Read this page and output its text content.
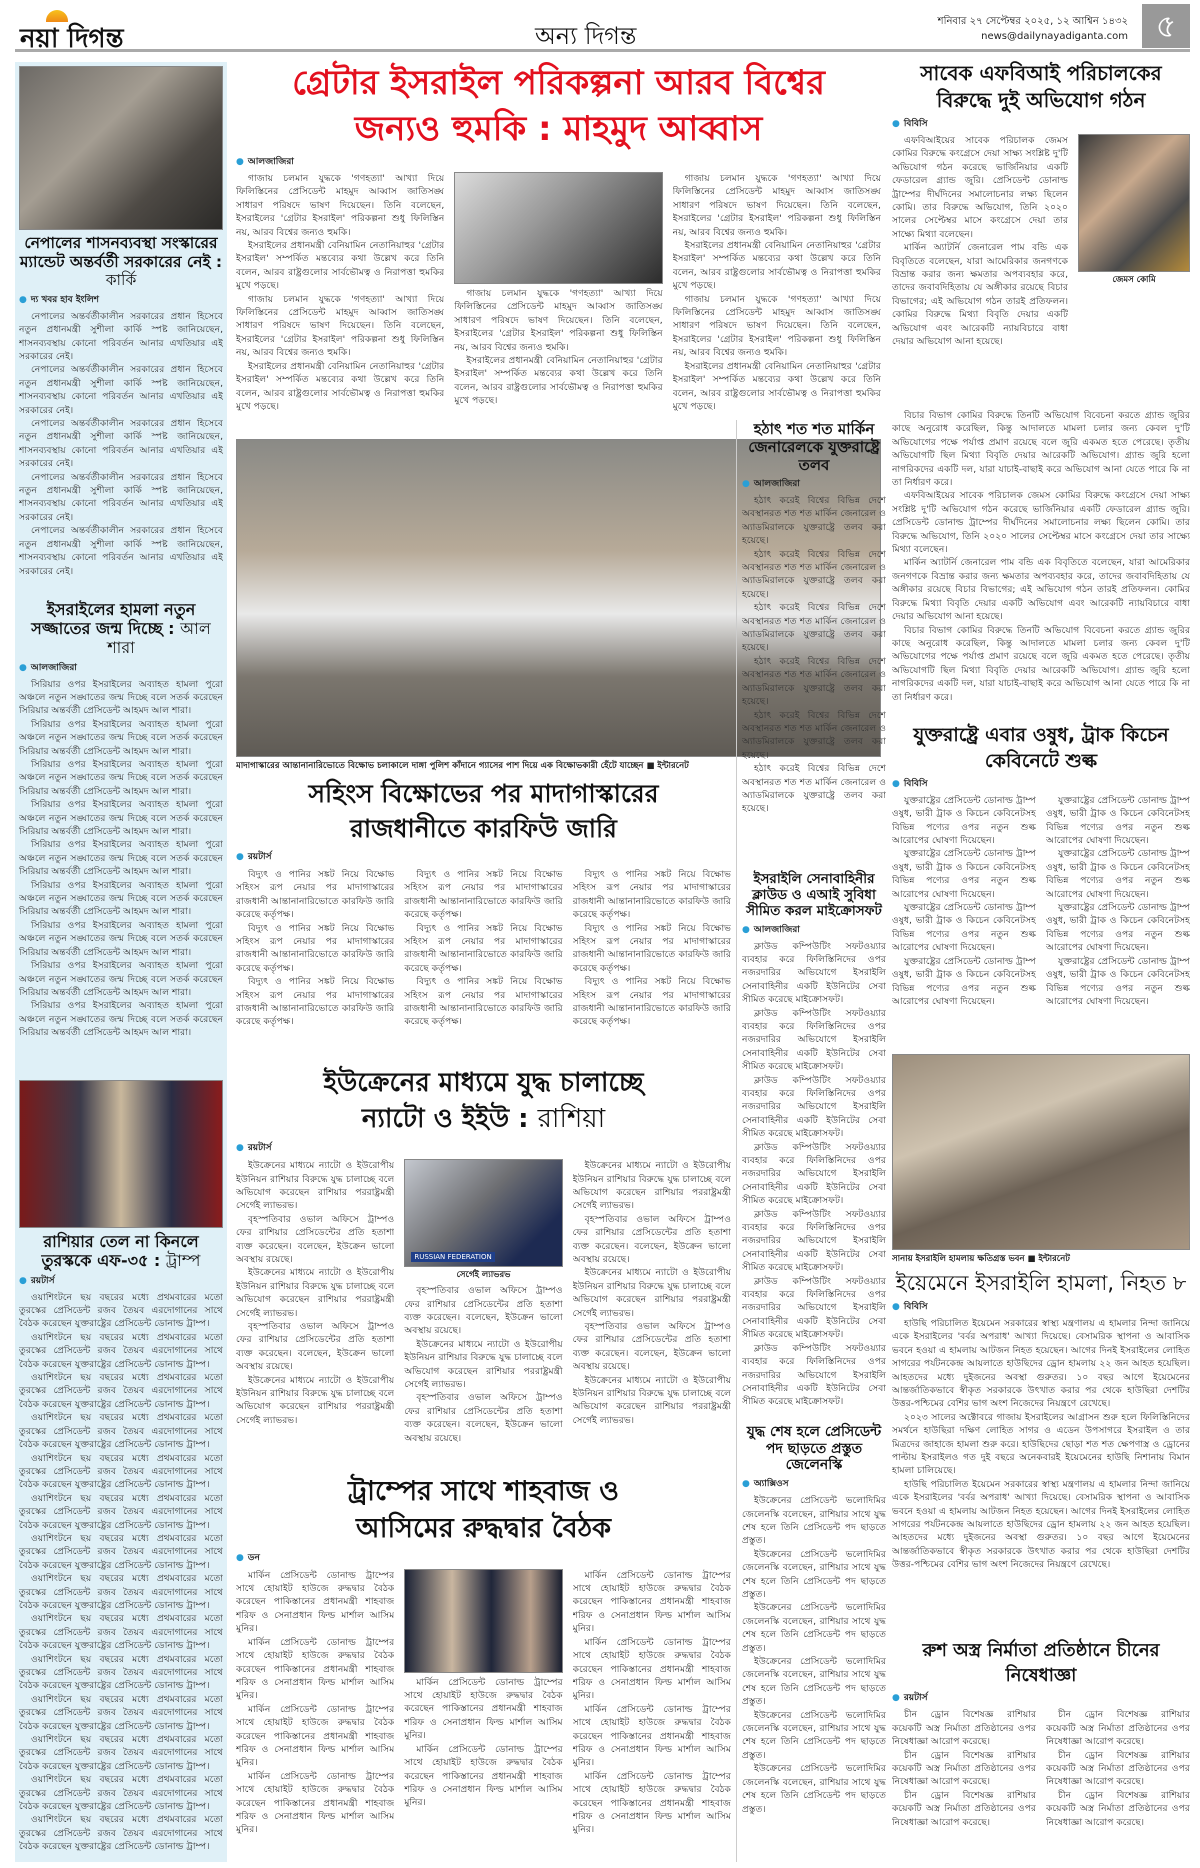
নয়া দিগন্ত	অন্য দিগন্ত
শনিবার ২৭ সেপ্টেম্বর ২০২৫, ১২ আশ্বিন ১৪৩২
news@dailynayadiganta.com ৫
নেপালের শাসনব্যবস্থা সংস্কারের ম্যান্ডেট অন্তর্বর্তী সরকারের নেই : কার্কি
● দ্য খবর হাব ইংলিশ

নেপালের অন্তর্বর্তীকালীন সরকারের প্রধান হিসেবে নতুন প্রধানমন্ত্রী সুশীলা কার্কি স্পষ্ট জানিয়েছেন, শাসনব্যবস্থায় কোনো পরিবর্তন আনার এখতিয়ার এই সরকারের নেই।

নেপালের অন্তর্বর্তীকালীন সরকারের প্রধান হিসেবে নতুন প্রধানমন্ত্রী সুশীলা কার্কি স্পষ্ট জানিয়েছেন, শাসনব্যবস্থায় কোনো পরিবর্তন আনার এখতিয়ার এই সরকারের নেই।

নেপালের অন্তর্বর্তীকালীন সরকারের প্রধান হিসেবে নতুন প্রধানমন্ত্রী সুশীলা কার্কি স্পষ্ট জানিয়েছেন, শাসনব্যবস্থায় কোনো পরিবর্তন আনার এখতিয়ার এই সরকারের নেই।

নেপালের অন্তর্বর্তীকালীন সরকারের প্রধান হিসেবে নতুন প্রধানমন্ত্রী সুশীলা কার্কি স্পষ্ট জানিয়েছেন, শাসনব্যবস্থায় কোনো পরিবর্তন আনার এখতিয়ার এই সরকারের নেই।

নেপালের অন্তর্বর্তীকালীন সরকারের প্রধান হিসেবে নতুন প্রধানমন্ত্রী সুশীলা কার্কি স্পষ্ট জানিয়েছেন, শাসনব্যবস্থায় কোনো পরিবর্তন আনার এখতিয়ার এই সরকারের নেই।

ইসরাইলের হামলা নতুন সজ্জাতের জন্ম দিচ্ছে : আল শারা
● আলজাজিরা

সিরিয়ার ওপর ইসরাইলের অব্যাহত হামলা পুরো অঞ্চলে নতুন সঙ্ঘাতের জন্ম দিচ্ছে বলে সতর্ক করেছেন সিরিয়ার অন্তর্বর্তী প্রেসিডেন্ট আহমদ আল শারা।

সিরিয়ার ওপর ইসরাইলের অব্যাহত হামলা পুরো অঞ্চলে নতুন সঙ্ঘাতের জন্ম দিচ্ছে বলে সতর্ক করেছেন সিরিয়ার অন্তর্বর্তী প্রেসিডেন্ট আহমদ আল শারা।

সিরিয়ার ওপর ইসরাইলের অব্যাহত হামলা পুরো অঞ্চলে নতুন সঙ্ঘাতের জন্ম দিচ্ছে বলে সতর্ক করেছেন সিরিয়ার অন্তর্বর্তী প্রেসিডেন্ট আহমদ আল শারা।

সিরিয়ার ওপর ইসরাইলের অব্যাহত হামলা পুরো অঞ্চলে নতুন সঙ্ঘাতের জন্ম দিচ্ছে বলে সতর্ক করেছেন সিরিয়ার অন্তর্বর্তী প্রেসিডেন্ট আহমদ আল শারা।

সিরিয়ার ওপর ইসরাইলের অব্যাহত হামলা পুরো অঞ্চলে নতুন সঙ্ঘাতের জন্ম দিচ্ছে বলে সতর্ক করেছেন সিরিয়ার অন্তর্বর্তী প্রেসিডেন্ট আহমদ আল শারা।

সিরিয়ার ওপর ইসরাইলের অব্যাহত হামলা পুরো অঞ্চলে নতুন সঙ্ঘাতের জন্ম দিচ্ছে বলে সতর্ক করেছেন সিরিয়ার অন্তর্বর্তী প্রেসিডেন্ট আহমদ আল শারা।

সিরিয়ার ওপর ইসরাইলের অব্যাহত হামলা পুরো অঞ্চলে নতুন সঙ্ঘাতের জন্ম দিচ্ছে বলে সতর্ক করেছেন সিরিয়ার অন্তর্বর্তী প্রেসিডেন্ট আহমদ আল শারা।

সিরিয়ার ওপর ইসরাইলের অব্যাহত হামলা পুরো অঞ্চলে নতুন সঙ্ঘাতের জন্ম দিচ্ছে বলে সতর্ক করেছেন সিরিয়ার অন্তর্বর্তী প্রেসিডেন্ট আহমদ আল শারা।

সিরিয়ার ওপর ইসরাইলের অব্যাহত হামলা পুরো অঞ্চলে নতুন সঙ্ঘাতের জন্ম দিচ্ছে বলে সতর্ক করেছেন সিরিয়ার অন্তর্বর্তী প্রেসিডেন্ট আহমদ আল শারা।

রাশিয়ার তেল না কিনলে তুরস্ককে এফ-৩৫ : ট্রাম্প
● রয়টার্স

ওয়াশিংটনে ছয় বছরের মধ্যে প্রথমবারের মতো তুরস্কের প্রেসিডেন্ট রজব তৈয়ব এরদোগানের সাথে বৈঠক করেছেন যুক্তরাষ্ট্রের প্রেসিডেন্ট ডোনাল্ড ট্রাম্প।

ওয়াশিংটনে ছয় বছরের মধ্যে প্রথমবারের মতো তুরস্কের প্রেসিডেন্ট রজব তৈয়ব এরদোগানের সাথে বৈঠক করেছেন যুক্তরাষ্ট্রের প্রেসিডেন্ট ডোনাল্ড ট্রাম্প।

ওয়াশিংটনে ছয় বছরের মধ্যে প্রথমবারের মতো তুরস্কের প্রেসিডেন্ট রজব তৈয়ব এরদোগানের সাথে বৈঠক করেছেন যুক্তরাষ্ট্রের প্রেসিডেন্ট ডোনাল্ড ট্রাম্প।

ওয়াশিংটনে ছয় বছরের মধ্যে প্রথমবারের মতো তুরস্কের প্রেসিডেন্ট রজব তৈয়ব এরদোগানের সাথে বৈঠক করেছেন যুক্তরাষ্ট্রের প্রেসিডেন্ট ডোনাল্ড ট্রাম্প।

ওয়াশিংটনে ছয় বছরের মধ্যে প্রথমবারের মতো তুরস্কের প্রেসিডেন্ট রজব তৈয়ব এরদোগানের সাথে বৈঠক করেছেন যুক্তরাষ্ট্রের প্রেসিডেন্ট ডোনাল্ড ট্রাম্প।

ওয়াশিংটনে ছয় বছরের মধ্যে প্রথমবারের মতো তুরস্কের প্রেসিডেন্ট রজব তৈয়ব এরদোগানের সাথে বৈঠক করেছেন যুক্তরাষ্ট্রের প্রেসিডেন্ট ডোনাল্ড ট্রাম্প।

ওয়াশিংটনে ছয় বছরের মধ্যে প্রথমবারের মতো তুরস্কের প্রেসিডেন্ট রজব তৈয়ব এরদোগানের সাথে বৈঠক করেছেন যুক্তরাষ্ট্রের প্রেসিডেন্ট ডোনাল্ড ট্রাম্প।

ওয়াশিংটনে ছয় বছরের মধ্যে প্রথমবারের মতো তুরস্কের প্রেসিডেন্ট রজব তৈয়ব এরদোগানের সাথে বৈঠক করেছেন যুক্তরাষ্ট্রের প্রেসিডেন্ট ডোনাল্ড ট্রাম্প।

ওয়াশিংটনে ছয় বছরের মধ্যে প্রথমবারের মতো তুরস্কের প্রেসিডেন্ট রজব তৈয়ব এরদোগানের সাথে বৈঠক করেছেন যুক্তরাষ্ট্রের প্রেসিডেন্ট ডোনাল্ড ট্রাম্প।

ওয়াশিংটনে ছয় বছরের মধ্যে প্রথমবারের মতো তুরস্কের প্রেসিডেন্ট রজব তৈয়ব এরদোগানের সাথে বৈঠক করেছেন যুক্তরাষ্ট্রের প্রেসিডেন্ট ডোনাল্ড ট্রাম্প।

ওয়াশিংটনে ছয় বছরের মধ্যে প্রথমবারের মতো তুরস্কের প্রেসিডেন্ট রজব তৈয়ব এরদোগানের সাথে বৈঠক করেছেন যুক্তরাষ্ট্রের প্রেসিডেন্ট ডোনাল্ড ট্রাম্প।

ওয়াশিংটনে ছয় বছরের মধ্যে প্রথমবারের মতো তুরস্কের প্রেসিডেন্ট রজব তৈয়ব এরদোগানের সাথে বৈঠক করেছেন যুক্তরাষ্ট্রের প্রেসিডেন্ট ডোনাল্ড ট্রাম্প।

ওয়াশিংটনে ছয় বছরের মধ্যে প্রথমবারের মতো তুরস্কের প্রেসিডেন্ট রজব তৈয়ব এরদোগানের সাথে বৈঠক করেছেন যুক্তরাষ্ট্রের প্রেসিডেন্ট ডোনাল্ড ট্রাম্প।

ওয়াশিংটনে ছয় বছরের মধ্যে প্রথমবারের মতো তুরস্কের প্রেসিডেন্ট রজব তৈয়ব এরদোগানের সাথে বৈঠক করেছেন যুক্তরাষ্ট্রের প্রেসিডেন্ট ডোনাল্ড ট্রাম্প।

গ্রেটার ইসরাইল পরিকল্পনা আরব বিশ্বের
জন্যও হুমকি : মাহমুদ আব্বাস
● আলজাজিরা

গাজায় চলমান যুদ্ধকে 'গণহত্যা' আখ্যা দিয়ে ফিলিস্তিনের প্রেসিডেন্ট মাহমুদ আব্বাস জাতিসঙ্ঘ সাধারণ পরিষদে ভাষণ দিয়েছেন। তিনি বলেছেন, ইসরাইলের 'গ্রেটার ইসরাইল' পরিকল্পনা শুধু ফিলিস্তিন নয়, আরব বিশ্বের জন্যও হুমকি।

ইসরাইলের প্রধানমন্ত্রী বেনিয়ামিন নেতানিয়াহুর 'গ্রেটার ইসরাইল' সম্পর্কিত মন্তব্যের কথা উল্লেখ করে তিনি বলেন, আরব রাষ্ট্রগুলোর সার্বভৌমত্ব ও নিরাপত্তা হুমকির মুখে পড়ছে।

গাজায় চলমান যুদ্ধকে 'গণহত্যা' আখ্যা দিয়ে ফিলিস্তিনের প্রেসিডেন্ট মাহমুদ আব্বাস জাতিসঙ্ঘ সাধারণ পরিষদে ভাষণ দিয়েছেন। তিনি বলেছেন, ইসরাইলের 'গ্রেটার ইসরাইল' পরিকল্পনা শুধু ফিলিস্তিন নয়, আরব বিশ্বের জন্যও হুমকি।

ইসরাইলের প্রধানমন্ত্রী বেনিয়ামিন নেতানিয়াহুর 'গ্রেটার ইসরাইল' সম্পর্কিত মন্তব্যের কথা উল্লেখ করে তিনি বলেন, আরব রাষ্ট্রগুলোর সার্বভৌমত্ব ও নিরাপত্তা হুমকির মুখে পড়ছে।

গাজায় চলমান যুদ্ধকে 'গণহত্যা' আখ্যা দিয়ে ফিলিস্তিনের প্রেসিডেন্ট মাহমুদ আব্বাস জাতিসঙ্ঘ সাধারণ পরিষদে ভাষণ দিয়েছেন। তিনি বলেছেন, ইসরাইলের 'গ্রেটার ইসরাইল' পরিকল্পনা শুধু ফিলিস্তিন নয়, আরব বিশ্বের জন্যও হুমকি।

ইসরাইলের প্রধানমন্ত্রী বেনিয়ামিন নেতানিয়াহুর 'গ্রেটার ইসরাইল' সম্পর্কিত মন্তব্যের কথা উল্লেখ করে তিনি বলেন, আরব রাষ্ট্রগুলোর সার্বভৌমত্ব ও নিরাপত্তা হুমকির মুখে পড়ছে।

গাজায় চলমান যুদ্ধকে 'গণহত্যা' আখ্যা দিয়ে ফিলিস্তিনের প্রেসিডেন্ট মাহমুদ আব্বাস জাতিসঙ্ঘ সাধারণ পরিষদে ভাষণ দিয়েছেন। তিনি বলেছেন, ইসরাইলের 'গ্রেটার ইসরাইল' পরিকল্পনা শুধু ফিলিস্তিন নয়, আরব বিশ্বের জন্যও হুমকি।

ইসরাইলের প্রধানমন্ত্রী বেনিয়ামিন নেতানিয়াহুর 'গ্রেটার ইসরাইল' সম্পর্কিত মন্তব্যের কথা উল্লেখ করে তিনি বলেন, আরব রাষ্ট্রগুলোর সার্বভৌমত্ব ও নিরাপত্তা হুমকির মুখে পড়ছে।

গাজায় চলমান যুদ্ধকে 'গণহত্যা' আখ্যা দিয়ে ফিলিস্তিনের প্রেসিডেন্ট মাহমুদ আব্বাস জাতিসঙ্ঘ সাধারণ পরিষদে ভাষণ দিয়েছেন। তিনি বলেছেন, ইসরাইলের 'গ্রেটার ইসরাইল' পরিকল্পনা শুধু ফিলিস্তিন নয়, আরব বিশ্বের জন্যও হুমকি।

ইসরাইলের প্রধানমন্ত্রী বেনিয়ামিন নেতানিয়াহুর 'গ্রেটার ইসরাইল' সম্পর্কিত মন্তব্যের কথা উল্লেখ করে তিনি বলেন, আরব রাষ্ট্রগুলোর সার্বভৌমত্ব ও নিরাপত্তা হুমকির মুখে পড়ছে।

মাদাগাস্কারের আন্তানানারিভোতে বিক্ষোভ চলাকালে দাঙ্গা পুলিশ কাঁদানে গ্যাসের পাশ দিয়ে এক বিক্ষোভকারী হেঁটে যাচ্ছেন ■ ইন্টারনেট
সহিংস বিক্ষোভের পর মাদাগাস্কারের
রাজধানীতে কারফিউ জারি
● রয়টার্স

বিদ্যুৎ ও পানির সঙ্কট নিয়ে বিক্ষোভ সহিংস রূপ নেয়ার পর মাদাগাস্কারের রাজধানী আন্তানানারিভোতে কারফিউ জারি করেছে কর্তৃপক্ষ।

বিদ্যুৎ ও পানির সঙ্কট নিয়ে বিক্ষোভ সহিংস রূপ নেয়ার পর মাদাগাস্কারের রাজধানী আন্তানানারিভোতে কারফিউ জারি করেছে কর্তৃপক্ষ।

বিদ্যুৎ ও পানির সঙ্কট নিয়ে বিক্ষোভ সহিংস রূপ নেয়ার পর মাদাগাস্কারের রাজধানী আন্তানানারিভোতে কারফিউ জারি করেছে কর্তৃপক্ষ।

বিদ্যুৎ ও পানির সঙ্কট নিয়ে বিক্ষোভ সহিংস রূপ নেয়ার পর মাদাগাস্কারের রাজধানী আন্তানানারিভোতে কারফিউ জারি করেছে কর্তৃপক্ষ।

বিদ্যুৎ ও পানির সঙ্কট নিয়ে বিক্ষোভ সহিংস রূপ নেয়ার পর মাদাগাস্কারের রাজধানী আন্তানানারিভোতে কারফিউ জারি করেছে কর্তৃপক্ষ।

বিদ্যুৎ ও পানির সঙ্কট নিয়ে বিক্ষোভ সহিংস রূপ নেয়ার পর মাদাগাস্কারের রাজধানী আন্তানানারিভোতে কারফিউ জারি করেছে কর্তৃপক্ষ।

বিদ্যুৎ ও পানির সঙ্কট নিয়ে বিক্ষোভ সহিংস রূপ নেয়ার পর মাদাগাস্কারের রাজধানী আন্তানানারিভোতে কারফিউ জারি করেছে কর্তৃপক্ষ।

বিদ্যুৎ ও পানির সঙ্কট নিয়ে বিক্ষোভ সহিংস রূপ নেয়ার পর মাদাগাস্কারের রাজধানী আন্তানানারিভোতে কারফিউ জারি করেছে কর্তৃপক্ষ।

বিদ্যুৎ ও পানির সঙ্কট নিয়ে বিক্ষোভ সহিংস রূপ নেয়ার পর মাদাগাস্কারের রাজধানী আন্তানানারিভোতে কারফিউ জারি করেছে কর্তৃপক্ষ।

ইউক্রেনের মাধ্যমে যুদ্ধ চালাচ্ছে
ন্যাটো ও ইইউ : রাশিয়া
● রয়টার্স

ইউক্রেনের মাধ্যমে ন্যাটো ও ইউরোপীয় ইউনিয়ন রাশিয়ার বিরুদ্ধে যুদ্ধ চালাচ্ছে বলে অভিযোগ করেছেন রাশিয়ার পররাষ্ট্রমন্ত্রী সের্গেই ল্যাভরভ।

বৃহস্পতিবার ওভাল অফিসে ট্রাম্পও ফের রাশিয়ার প্রেসিডেন্টের প্রতি হতাশা ব্যক্ত করেছেন। বলেছেন, ইউক্রেন ভালো অবস্থায় রয়েছে।

ইউক্রেনের মাধ্যমে ন্যাটো ও ইউরোপীয় ইউনিয়ন রাশিয়ার বিরুদ্ধে যুদ্ধ চালাচ্ছে বলে অভিযোগ করেছেন রাশিয়ার পররাষ্ট্রমন্ত্রী সের্গেই ল্যাভরভ।

বৃহস্পতিবার ওভাল অফিসে ট্রাম্পও ফের রাশিয়ার প্রেসিডেন্টের প্রতি হতাশা ব্যক্ত করেছেন। বলেছেন, ইউক্রেন ভালো অবস্থায় রয়েছে।

ইউক্রেনের মাধ্যমে ন্যাটো ও ইউরোপীয় ইউনিয়ন রাশিয়ার বিরুদ্ধে যুদ্ধ চালাচ্ছে বলে অভিযোগ করেছেন রাশিয়ার পররাষ্ট্রমন্ত্রী সের্গেই ল্যাভরভ।

RUSSIAN FEDERATION
সের্গেই ল্যাভরভ

বৃহস্পতিবার ওভাল অফিসে ট্রাম্পও ফের রাশিয়ার প্রেসিডেন্টের প্রতি হতাশা ব্যক্ত করেছেন। বলেছেন, ইউক্রেন ভালো অবস্থায় রয়েছে।

ইউক্রেনের মাধ্যমে ন্যাটো ও ইউরোপীয় ইউনিয়ন রাশিয়ার বিরুদ্ধে যুদ্ধ চালাচ্ছে বলে অভিযোগ করেছেন রাশিয়ার পররাষ্ট্রমন্ত্রী সের্গেই ল্যাভরভ।

বৃহস্পতিবার ওভাল অফিসে ট্রাম্পও ফের রাশিয়ার প্রেসিডেন্টের প্রতি হতাশা ব্যক্ত করেছেন। বলেছেন, ইউক্রেন ভালো অবস্থায় রয়েছে।

ইউক্রেনের মাধ্যমে ন্যাটো ও ইউরোপীয় ইউনিয়ন রাশিয়ার বিরুদ্ধে যুদ্ধ চালাচ্ছে বলে অভিযোগ করেছেন রাশিয়ার পররাষ্ট্রমন্ত্রী সের্গেই ল্যাভরভ।

বৃহস্পতিবার ওভাল অফিসে ট্রাম্পও ফের রাশিয়ার প্রেসিডেন্টের প্রতি হতাশা ব্যক্ত করেছেন। বলেছেন, ইউক্রেন ভালো অবস্থায় রয়েছে।

ইউক্রেনের মাধ্যমে ন্যাটো ও ইউরোপীয় ইউনিয়ন রাশিয়ার বিরুদ্ধে যুদ্ধ চালাচ্ছে বলে অভিযোগ করেছেন রাশিয়ার পররাষ্ট্রমন্ত্রী সের্গেই ল্যাভরভ।

বৃহস্পতিবার ওভাল অফিসে ট্রাম্পও ফের রাশিয়ার প্রেসিডেন্টের প্রতি হতাশা ব্যক্ত করেছেন। বলেছেন, ইউক্রেন ভালো অবস্থায় রয়েছে।

ইউক্রেনের মাধ্যমে ন্যাটো ও ইউরোপীয় ইউনিয়ন রাশিয়ার বিরুদ্ধে যুদ্ধ চালাচ্ছে বলে অভিযোগ করেছেন রাশিয়ার পররাষ্ট্রমন্ত্রী সের্গেই ল্যাভরভ।

ট্রাম্পের সাথে শাহবাজ ও
আসিমের রুদ্ধদ্বার বৈঠক
● ডন

মার্কিন প্রেসিডেন্ট ডোনাল্ড ট্রাম্পের সাথে হোয়াইট হাউজে রুদ্ধদ্বার বৈঠক করেছেন পাকিস্তানের প্রধানমন্ত্রী শাহবাজ শরিফ ও সেনাপ্রধান ফিল্ড মার্শাল আসিম মুনির।

মার্কিন প্রেসিডেন্ট ডোনাল্ড ট্রাম্পের সাথে হোয়াইট হাউজে রুদ্ধদ্বার বৈঠক করেছেন পাকিস্তানের প্রধানমন্ত্রী শাহবাজ শরিফ ও সেনাপ্রধান ফিল্ড মার্শাল আসিম মুনির।

মার্কিন প্রেসিডেন্ট ডোনাল্ড ট্রাম্পের সাথে হোয়াইট হাউজে রুদ্ধদ্বার বৈঠক করেছেন পাকিস্তানের প্রধানমন্ত্রী শাহবাজ শরিফ ও সেনাপ্রধান ফিল্ড মার্শাল আসিম মুনির।

মার্কিন প্রেসিডেন্ট ডোনাল্ড ট্রাম্পের সাথে হোয়াইট হাউজে রুদ্ধদ্বার বৈঠক করেছেন পাকিস্তানের প্রধানমন্ত্রী শাহবাজ শরিফ ও সেনাপ্রধান ফিল্ড মার্শাল আসিম মুনির।

মার্কিন প্রেসিডেন্ট ডোনাল্ড ট্রাম্পের সাথে হোয়াইট হাউজে রুদ্ধদ্বার বৈঠক করেছেন পাকিস্তানের প্রধানমন্ত্রী শাহবাজ শরিফ ও সেনাপ্রধান ফিল্ড মার্শাল আসিম মুনির।

মার্কিন প্রেসিডেন্ট ডোনাল্ড ট্রাম্পের সাথে হোয়াইট হাউজে রুদ্ধদ্বার বৈঠক করেছেন পাকিস্তানের প্রধানমন্ত্রী শাহবাজ শরিফ ও সেনাপ্রধান ফিল্ড মার্শাল আসিম মুনির।

মার্কিন প্রেসিডেন্ট ডোনাল্ড ট্রাম্পের সাথে হোয়াইট হাউজে রুদ্ধদ্বার বৈঠক করেছেন পাকিস্তানের প্রধানমন্ত্রী শাহবাজ শরিফ ও সেনাপ্রধান ফিল্ড মার্শাল আসিম মুনির।

মার্কিন প্রেসিডেন্ট ডোনাল্ড ট্রাম্পের সাথে হোয়াইট হাউজে রুদ্ধদ্বার বৈঠক করেছেন পাকিস্তানের প্রধানমন্ত্রী শাহবাজ শরিফ ও সেনাপ্রধান ফিল্ড মার্শাল আসিম মুনির।

মার্কিন প্রেসিডেন্ট ডোনাল্ড ট্রাম্পের সাথে হোয়াইট হাউজে রুদ্ধদ্বার বৈঠক করেছেন পাকিস্তানের প্রধানমন্ত্রী শাহবাজ শরিফ ও সেনাপ্রধান ফিল্ড মার্শাল আসিম মুনির।

মার্কিন প্রেসিডেন্ট ডোনাল্ড ট্রাম্পের সাথে হোয়াইট হাউজে রুদ্ধদ্বার বৈঠক করেছেন পাকিস্তানের প্রধানমন্ত্রী শাহবাজ শরিফ ও সেনাপ্রধান ফিল্ড মার্শাল আসিম মুনির।

হঠাৎ শত শত মার্কিন জেনারেলকে যুক্তরাষ্ট্রে তলব
● আলজাজিরা

হঠাৎ করেই বিশ্বের বিভিন্ন দেশে অবস্থানরত শত শত মার্কিন জেনারেল ও অ্যাডমিরালকে যুক্তরাষ্ট্রে তলব করা হয়েছে।

হঠাৎ করেই বিশ্বের বিভিন্ন দেশে অবস্থানরত শত শত মার্কিন জেনারেল ও অ্যাডমিরালকে যুক্তরাষ্ট্রে তলব করা হয়েছে।

হঠাৎ করেই বিশ্বের বিভিন্ন দেশে অবস্থানরত শত শত মার্কিন জেনারেল ও অ্যাডমিরালকে যুক্তরাষ্ট্রে তলব করা হয়েছে।

হঠাৎ করেই বিশ্বের বিভিন্ন দেশে অবস্থানরত শত শত মার্কিন জেনারেল ও অ্যাডমিরালকে যুক্তরাষ্ট্রে তলব করা হয়েছে।

হঠাৎ করেই বিশ্বের বিভিন্ন দেশে অবস্থানরত শত শত মার্কিন জেনারেল ও অ্যাডমিরালকে যুক্তরাষ্ট্রে তলব করা হয়েছে।

হঠাৎ করেই বিশ্বের বিভিন্ন দেশে অবস্থানরত শত শত মার্কিন জেনারেল ও অ্যাডমিরালকে যুক্তরাষ্ট্রে তলব করা হয়েছে।

ইসরাইলি সেনাবাহিনীর ক্লাউড ও এআই সুবিধা সীমিত করল মাইক্রোসফট
● আলজাজিরা

ক্লাউড কম্পিউটিং সফটওয়্যার ব্যবহার করে ফিলিস্তিনিদের ওপর নজরদারির অভিযোগে ইসরাইলি সেনাবাহিনীর একটি ইউনিটের সেবা সীমিত করেছে মাইক্রোসফট।

ক্লাউড কম্পিউটিং সফটওয়্যার ব্যবহার করে ফিলিস্তিনিদের ওপর নজরদারির অভিযোগে ইসরাইলি সেনাবাহিনীর একটি ইউনিটের সেবা সীমিত করেছে মাইক্রোসফট।

ক্লাউড কম্পিউটিং সফটওয়্যার ব্যবহার করে ফিলিস্তিনিদের ওপর নজরদারির অভিযোগে ইসরাইলি সেনাবাহিনীর একটি ইউনিটের সেবা সীমিত করেছে মাইক্রোসফট।

ক্লাউড কম্পিউটিং সফটওয়্যার ব্যবহার করে ফিলিস্তিনিদের ওপর নজরদারির অভিযোগে ইসরাইলি সেনাবাহিনীর একটি ইউনিটের সেবা সীমিত করেছে মাইক্রোসফট।

ক্লাউড কম্পিউটিং সফটওয়্যার ব্যবহার করে ফিলিস্তিনিদের ওপর নজরদারির অভিযোগে ইসরাইলি সেনাবাহিনীর একটি ইউনিটের সেবা সীমিত করেছে মাইক্রোসফট।

ক্লাউড কম্পিউটিং সফটওয়্যার ব্যবহার করে ফিলিস্তিনিদের ওপর নজরদারির অভিযোগে ইসরাইলি সেনাবাহিনীর একটি ইউনিটের সেবা সীমিত করেছে মাইক্রোসফট।

ক্লাউড কম্পিউটিং সফটওয়্যার ব্যবহার করে ফিলিস্তিনিদের ওপর নজরদারির অভিযোগে ইসরাইলি সেনাবাহিনীর একটি ইউনিটের সেবা সীমিত করেছে মাইক্রোসফট।

যুদ্ধ শেষ হলে প্রেসিডেন্ট পদ ছাড়তে প্রস্তুত জেলেনস্কি
● অ্যাক্সিওস

ইউক্রেনের প্রেসিডেন্ট ভলোদিমির জেলেনস্কি বলেছেন, রাশিয়ার সাথে যুদ্ধ শেষ হলে তিনি প্রেসিডেন্ট পদ ছাড়তে প্রস্তুত।

ইউক্রেনের প্রেসিডেন্ট ভলোদিমির জেলেনস্কি বলেছেন, রাশিয়ার সাথে যুদ্ধ শেষ হলে তিনি প্রেসিডেন্ট পদ ছাড়তে প্রস্তুত।

ইউক্রেনের প্রেসিডেন্ট ভলোদিমির জেলেনস্কি বলেছেন, রাশিয়ার সাথে যুদ্ধ শেষ হলে তিনি প্রেসিডেন্ট পদ ছাড়তে প্রস্তুত।

ইউক্রেনের প্রেসিডেন্ট ভলোদিমির জেলেনস্কি বলেছেন, রাশিয়ার সাথে যুদ্ধ শেষ হলে তিনি প্রেসিডেন্ট পদ ছাড়তে প্রস্তুত।

ইউক্রেনের প্রেসিডেন্ট ভলোদিমির জেলেনস্কি বলেছেন, রাশিয়ার সাথে যুদ্ধ শেষ হলে তিনি প্রেসিডেন্ট পদ ছাড়তে প্রস্তুত।

ইউক্রেনের প্রেসিডেন্ট ভলোদিমির জেলেনস্কি বলেছেন, রাশিয়ার সাথে যুদ্ধ শেষ হলে তিনি প্রেসিডেন্ট পদ ছাড়তে প্রস্তুত।

সাবেক এফবিআই পরিচালকের বিরুদ্ধে দুই অভিযোগ গঠন
● বিবিসি

এফবিআইয়ের সাবেক পরিচালক জেমস কোমির বিরুদ্ধে কংগ্রেসে দেয়া সাক্ষ্য সংশ্লিষ্ট দু'টি অভিযোগ গঠন করেছে ভার্জিনিয়ার একটি ফেডারেল গ্র্যান্ড জুরি। প্রেসিডেন্ট ডোনাল্ড ট্রাম্পের দীর্ঘদিনের সমালোচনার লক্ষ্য ছিলেন কোমি। তার বিরুদ্ধে অভিযোগ, তিনি ২০২০ সালের সেপ্টেম্বর মাসে কংগ্রেসে দেয়া তার সাক্ষ্যে মিথ্যা বলেছেন।

মার্কিন অ্যাটর্নি জেনারেল পাম বন্ডি এক বিবৃতিতে বলেছেন, যারা আমেরিকার জনগণকে বিভ্রান্ত করার জন্য ক্ষমতার অপব্যবহার করে, তাদের জবাবদিহিতায় যে অঙ্গীকার রয়েছে বিচার বিভাগের; এই অভিযোগ গঠন তারই প্রতিফলন। কোমির বিরুদ্ধে মিথ্যা বিবৃতি দেয়ার একটি অভিযোগ এবং আরেকটি ন্যায়বিচারে বাধা দেয়ার অভিযোগ আনা হয়েছে।

জেমস কোমি

বিচার বিভাগ কোমির বিরুদ্ধে তিনটি অভিযোগ বিবেচনা করতে গ্র্যান্ড জুরির কাছে অনুরোধ করেছিল, কিন্তু আদালতে মামলা চলার জন্য কেবল দু'টি অভিযোগের পক্ষে পর্যাপ্ত প্রমাণ রয়েছে বলে জুরি একমত হতে পেরেছে। তৃতীয় অভিযোগটি ছিল মিথ্যা বিবৃতি দেয়ার আরেকটি অভিযোগ। গ্র্যান্ড জুরি হলো নাগরিকদের একটি দল, যারা যাচাই-বাছাই করে অভিযোগ আনা যেতে পারে কি না তা নির্ধারণ করে।

এফবিআইয়ের সাবেক পরিচালক জেমস কোমির বিরুদ্ধে কংগ্রেসে দেয়া সাক্ষ্য সংশ্লিষ্ট দু'টি অভিযোগ গঠন করেছে ভার্জিনিয়ার একটি ফেডারেল গ্র্যান্ড জুরি। প্রেসিডেন্ট ডোনাল্ড ট্রাম্পের দীর্ঘদিনের সমালোচনার লক্ষ্য ছিলেন কোমি। তার বিরুদ্ধে অভিযোগ, তিনি ২০২০ সালের সেপ্টেম্বর মাসে কংগ্রেসে দেয়া তার সাক্ষ্যে মিথ্যা বলেছেন।

মার্কিন অ্যাটর্নি জেনারেল পাম বন্ডি এক বিবৃতিতে বলেছেন, যারা আমেরিকার জনগণকে বিভ্রান্ত করার জন্য ক্ষমতার অপব্যবহার করে, তাদের জবাবদিহিতায় যে অঙ্গীকার রয়েছে বিচার বিভাগের; এই অভিযোগ গঠন তারই প্রতিফলন। কোমির বিরুদ্ধে মিথ্যা বিবৃতি দেয়ার একটি অভিযোগ এবং আরেকটি ন্যায়বিচারে বাধা দেয়ার অভিযোগ আনা হয়েছে।

বিচার বিভাগ কোমির বিরুদ্ধে তিনটি অভিযোগ বিবেচনা করতে গ্র্যান্ড জুরির কাছে অনুরোধ করেছিল, কিন্তু আদালতে মামলা চলার জন্য কেবল দু'টি অভিযোগের পক্ষে পর্যাপ্ত প্রমাণ রয়েছে বলে জুরি একমত হতে পেরেছে। তৃতীয় অভিযোগটি ছিল মিথ্যা বিবৃতি দেয়ার আরেকটি অভিযোগ। গ্র্যান্ড জুরি হলো নাগরিকদের একটি দল, যারা যাচাই-বাছাই করে অভিযোগ আনা যেতে পারে কি না তা নির্ধারণ করে।

যুক্তরাষ্ট্রে এবার ওষুধ, ট্রাক কিচেন কেবিনেটে শুল্ক
● বিবিসি

যুক্তরাষ্ট্রের প্রেসিডেন্ট ডোনাল্ড ট্রাম্প ওষুধ, ভারী ট্রাক ও কিচেন কেবিনেটসহ বিভিন্ন পণ্যের ওপর নতুন শুল্ক আরোপের ঘোষণা দিয়েছেন।

যুক্তরাষ্ট্রের প্রেসিডেন্ট ডোনাল্ড ট্রাম্প ওষুধ, ভারী ট্রাক ও কিচেন কেবিনেটসহ বিভিন্ন পণ্যের ওপর নতুন শুল্ক আরোপের ঘোষণা দিয়েছেন।

যুক্তরাষ্ট্রের প্রেসিডেন্ট ডোনাল্ড ট্রাম্প ওষুধ, ভারী ট্রাক ও কিচেন কেবিনেটসহ বিভিন্ন পণ্যের ওপর নতুন শুল্ক আরোপের ঘোষণা দিয়েছেন।

যুক্তরাষ্ট্রের প্রেসিডেন্ট ডোনাল্ড ট্রাম্প ওষুধ, ভারী ট্রাক ও কিচেন কেবিনেটসহ বিভিন্ন পণ্যের ওপর নতুন শুল্ক আরোপের ঘোষণা দিয়েছেন।

যুক্তরাষ্ট্রের প্রেসিডেন্ট ডোনাল্ড ট্রাম্প ওষুধ, ভারী ট্রাক ও কিচেন কেবিনেটসহ বিভিন্ন পণ্যের ওপর নতুন শুল্ক আরোপের ঘোষণা দিয়েছেন।

যুক্তরাষ্ট্রের প্রেসিডেন্ট ডোনাল্ড ট্রাম্প ওষুধ, ভারী ট্রাক ও কিচেন কেবিনেটসহ বিভিন্ন পণ্যের ওপর নতুন শুল্ক আরোপের ঘোষণা দিয়েছেন।

যুক্তরাষ্ট্রের প্রেসিডেন্ট ডোনাল্ড ট্রাম্প ওষুধ, ভারী ট্রাক ও কিচেন কেবিনেটসহ বিভিন্ন পণ্যের ওপর নতুন শুল্ক আরোপের ঘোষণা দিয়েছেন।

যুক্তরাষ্ট্রের প্রেসিডেন্ট ডোনাল্ড ট্রাম্প ওষুধ, ভারী ট্রাক ও কিচেন কেবিনেটসহ বিভিন্ন পণ্যের ওপর নতুন শুল্ক আরোপের ঘোষণা দিয়েছেন।

সানায় ইসরাইলি হামলায় ক্ষতিগ্রস্ত ভবন ■ ইন্টারনেট
ইয়েমেনে ইসরাইলি হামলা, নিহত ৮
● বিবিসি

হাউছি পরিচালিত ইয়েমেন সরকারের স্বাস্থ্য মন্ত্রণালয় এ হামলার নিন্দা জানিয়ে একে ইসরাইলের 'বর্বর অপরাধ' আখ্যা দিয়েছে। বেসামরিক স্থাপনা ও আবাসিক ভবনে হওয়া এ হামলায় আটজন নিহত হয়েছেন। আগের দিনই ইসরাইলের লোহিত সাগরের পর্যটনকেন্দ্র আয়লাতে হাউছিদের ড্রোন হামলায় ২২ জন আহত হয়েছিল। আহতদের মধ্যে দুইজনের অবস্থা গুরুতর। ১০ বছর আগে ইয়েমেনের আন্তর্জাতিকভাবে স্বীকৃত সরকারকে উৎখাত করার পর থেকে হাউছিরা দেশটির উত্তর-পশ্চিমের বেশির ভাগ অংশ নিজেদের নিয়ন্ত্রণে রেখেছে।

২০২৩ সালের অক্টোবরে গাজায় ইসরাইলের আগ্রাসন শুরু হলে ফিলিস্তিনিদের সমর্থনে হাউছিরা দক্ষিণ লোহিত সাগর ও এডেন উপসাগরে ইসরাইল ও তার মিত্রদের জাহাজে হামলা শুরু করে। হাউছিদের ছোড়া শত শত ক্ষেপণাস্ত্র ও ড্রোনের পাল্টায় ইসরাইলও গত দুই বছরে অনেকবারই ইয়েমেনের হাউছি নিশানায় বিমান হামলা চালিয়েছে।

হাউছি পরিচালিত ইয়েমেন সরকারের স্বাস্থ্য মন্ত্রণালয় এ হামলার নিন্দা জানিয়ে একে ইসরাইলের 'বর্বর অপরাধ' আখ্যা দিয়েছে। বেসামরিক স্থাপনা ও আবাসিক ভবনে হওয়া এ হামলায় আটজন নিহত হয়েছেন। আগের দিনই ইসরাইলের লোহিত সাগরের পর্যটনকেন্দ্র আয়লাতে হাউছিদের ড্রোন হামলায় ২২ জন আহত হয়েছিল। আহতদের মধ্যে দুইজনের অবস্থা গুরুতর। ১০ বছর আগে ইয়েমেনের আন্তর্জাতিকভাবে স্বীকৃত সরকারকে উৎখাত করার পর থেকে হাউছিরা দেশটির উত্তর-পশ্চিমের বেশির ভাগ অংশ নিজেদের নিয়ন্ত্রণে রেখেছে।

রুশ অস্ত্র নির্মাতা প্রতিষ্ঠানে চীনের নিষেধাজ্ঞা
● রয়টার্স

চীন ড্রোন বিশেষজ্ঞ রাশিয়ার কয়েকটি অস্ত্র নির্মাতা প্রতিষ্ঠানের ওপর নিষেধাজ্ঞা আরোপ করেছে।

চীন ড্রোন বিশেষজ্ঞ রাশিয়ার কয়েকটি অস্ত্র নির্মাতা প্রতিষ্ঠানের ওপর নিষেধাজ্ঞা আরোপ করেছে।

চীন ড্রোন বিশেষজ্ঞ রাশিয়ার কয়েকটি অস্ত্র নির্মাতা প্রতিষ্ঠানের ওপর নিষেধাজ্ঞা আরোপ করেছে।

চীন ড্রোন বিশেষজ্ঞ রাশিয়ার কয়েকটি অস্ত্র নির্মাতা প্রতিষ্ঠানের ওপর নিষেধাজ্ঞা আরোপ করেছে।

চীন ড্রোন বিশেষজ্ঞ রাশিয়ার কয়েকটি অস্ত্র নির্মাতা প্রতিষ্ঠানের ওপর নিষেধাজ্ঞা আরোপ করেছে।

চীন ড্রোন বিশেষজ্ঞ রাশিয়ার কয়েকটি অস্ত্র নির্মাতা প্রতিষ্ঠানের ওপর নিষেধাজ্ঞা আরোপ করেছে।
